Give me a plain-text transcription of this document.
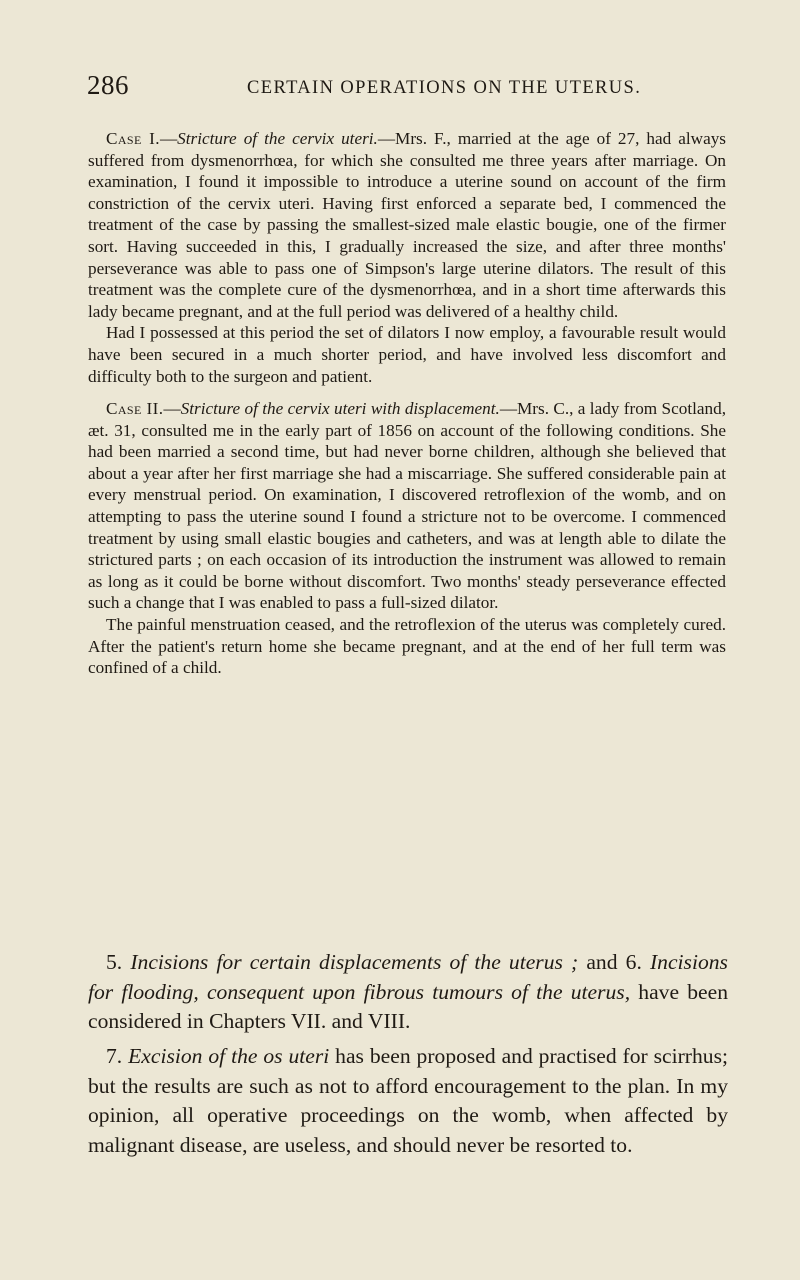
286	CERTAIN OPERATIONS ON THE UTERUS.

Case I.—Stricture of the cervix uteri.—Mrs. F., married at the age of 27, had always suffered from dysmenorrhœa, for which she consulted me three years after marriage. On examination, I found it impossible to introduce a uterine sound on account of the firm constriction of the cervix uteri. Having first enforced a separate bed, I commenced the treatment of the case by passing the smallest-sized male elastic bougie, one of the firmer sort. Having succeeded in this, I gradually increased the size, and after three months' perseverance was able to pass one of Simpson's large uterine dilators. The result of this treatment was the complete cure of the dysmenorrhœa, and in a short time afterwards this lady became pregnant, and at the full period was delivered of a healthy child.

Had I possessed at this period the set of dilators I now employ, a favourable result would have been secured in a much shorter period, and have involved less discomfort and difficulty both to the surgeon and patient.

Case II.—Stricture of the cervix uteri with displacement.—Mrs. C., a lady from Scotland, æt. 31, consulted me in the early part of 1856 on account of the following conditions. She had been married a second time, but had never borne children, although she believed that about a year after her first marriage she had a miscarriage. She suffered considerable pain at every menstrual period. On examination, I discovered retroflexion of the womb, and on attempting to pass the uterine sound I found a stricture not to be overcome. I commenced treatment by using small elastic bougies and catheters, and was at length able to dilate the strictured parts ; on each occasion of its introduction the instrument was allowed to remain as long as it could be borne without discomfort. Two months' steady perseverance effected such a change that I was enabled to pass a full-sized dilator.

The painful menstruation ceased, and the retroflexion of the uterus was completely cured. After the patient's return home she became pregnant, and at the end of her full term was confined of a child.

5. Incisions for certain displacements of the uterus ; and 6. Incisions for flooding, consequent upon fibrous tumours of the uterus, have been considered in Chapters VII. and VIII.

7. Excision of the os uteri has been proposed and practised for scirrhus; but the results are such as not to afford encouragement to the plan. In my opinion, all operative proceedings on the womb, when affected by malignant disease, are useless, and should never be resorted to.
